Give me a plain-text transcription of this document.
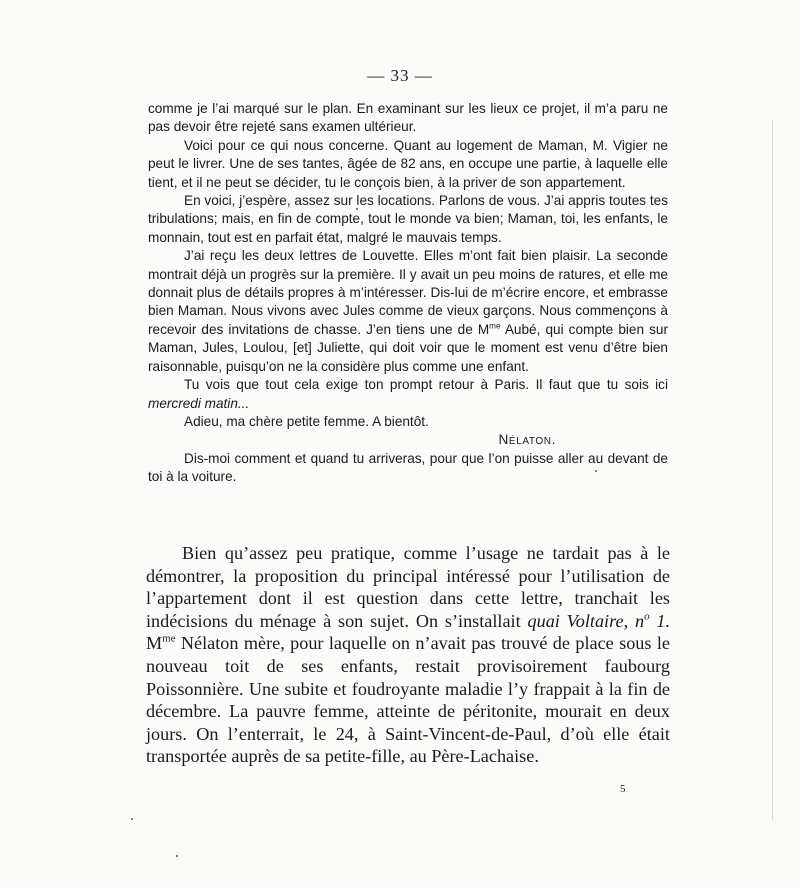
— 33 —

comme je l’ai marqué sur le plan. En examinant sur les lieux ce projet, il m’a paru ne pas devoir être rejeté sans examen ultérieur.

Voici pour ce qui nous concerne. Quant au logement de Maman, M. Vigier ne peut le livrer. Une de ses tantes, âgée de 82 ans, en occupe une partie, à laquelle elle tient, et il ne peut se décider, tu le conçois bien, à la priver de son appartement.

En voici, j’espère, assez sur les locations. Parlons de vous. J’ai appris toutes tes tribulations; mais, en fin de compte, tout le monde va bien; Maman, toi, les enfants, le monnain, tout est en parfait état, malgré le mauvais temps.

J’ai reçu les deux lettres de Louvette. Elles m’ont fait bien plaisir. La seconde montrait déjà un progrès sur la première. Il y avait un peu moins de ratures, et elle me donnait plus de détails propres à m’intéresser. Dis-lui de m’écrire encore, et embrasse bien Maman. Nous vivons avec Jules comme de vieux garçons. Nous commençons à recevoir des invitations de chasse. J’en tiens une de $M^{me}$ Aubé, qui compte bien sur Maman, Jules, Loulou, [et] Juliette, qui doit voir que le moment est venu d’être bien raisonnable, puisqu’on ne la considère plus comme une enfant.

Tu vois que tout cela exige ton prompt retour à Paris. Il faut que tu sois ici mercredi matin...

Adieu, ma chère petite femme. A bientôt.

Nélaton.

Dis-moi comment et quand tu arriveras, pour que l’on puisse aller au devant de toi à la voiture.

Bien qu’assez peu pratique, comme l’usage ne tardait pas à le démontrer, la proposition du principal intéressé pour l’utilisation de l’appartement dont il est question dans cette lettre, tranchait les indécisions du ménage à son sujet. On s’installait quai Voltaire, $n^o$ 1. $M^{me}$ Nélaton mère, pour laquelle on n’avait pas trouvé de place sous le nouveau toit de ses enfants, restait provisoirement faubourg Poissonnière. Une subite et foudroyante maladie l’y frappait à la fin de décembre. La pauvre femme, atteinte de péritonite, mourait en deux jours. On l’enterrait, le 24, à Saint-Vincent-de-Paul, d’où elle était transportée auprès de sa petite-fille, au Père-Lachaise.

5
